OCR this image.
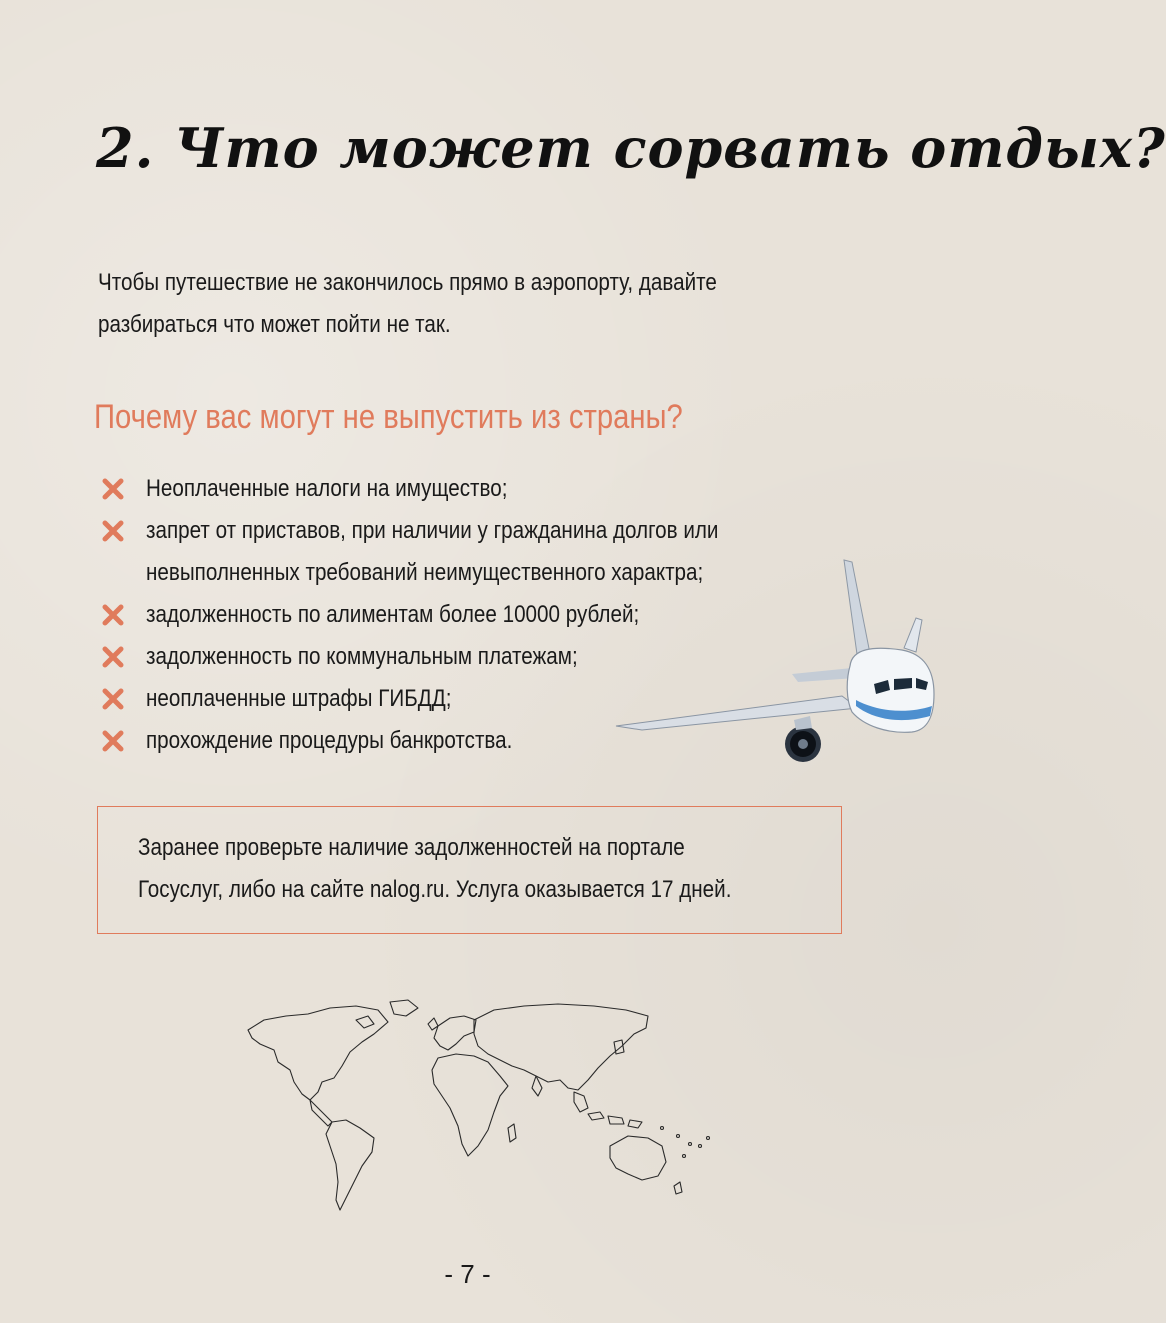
2. Что может сорвать отдых?

Чтобы путешествие не закончилось прямо в аэропорту, давайте разбираться что может пойти не так.

Почему вас могут не выпустить из страны?
Неоплаченные налоги на имущество;
запрет от приставов, при наличии у гражданина долгов или
невыполненных требований неимущественного характра;
задолженность по алиментам более 10000 рублей;
задолженность по коммунальным платежам;
неоплаченные штрафы ГИБДД;
прохождение процедуры банкротства.

Заранее проверьте наличие задолженностей на портале
Госуслуг, либо на сайте nalog.ru. Услуга оказывается 17 дней.

- 7 -
